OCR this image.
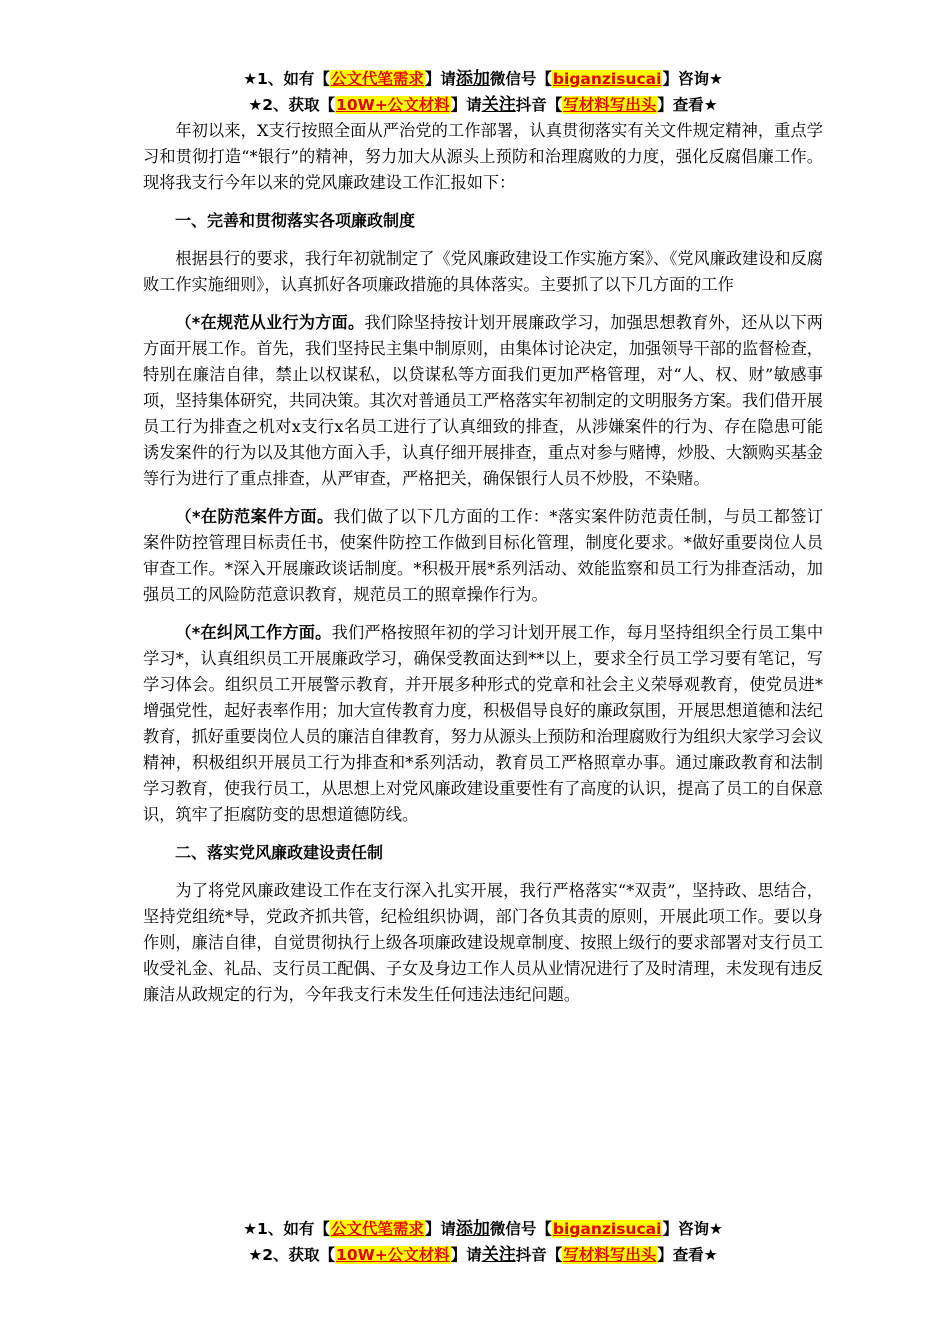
★1、如有【公文代笔需求】请添加微信号【biganzisucai】咨询★
★2、获取【10W+公文材料】请关注抖音【写材料写出头】查看★

年初以来，X支行按照全面从严治党的工作部署，认真贯彻落实有关文件规定精神，重点学习和贯彻打造“*银行”的精神，努力加大从源头上预防和治理腐败的力度，强化反腐倡廉工作。现将我支行今年以来的党风廉政建设工作汇报如下：

一、完善和贯彻落实各项廉政制度

根据县行的要求，我行年初就制定了《党风廉政建设工作实施方案》、《党风廉政建设和反腐败工作实施细则》，认真抓好各项廉政措施的具体落实。主要抓了以下几方面的工作

（*在规范从业行为方面。我们除坚持按计划开展廉政学习，加强思想教育外，还从以下两方面开展工作。首先，我们坚持民主集中制原则，由集体讨论决定，加强领导干部的监督检查，特别在廉洁自律，禁止以权谋私，以贷谋私等方面我们更加严格管理，对“人、权、财”敏感事项，坚持集体研究，共同决策。其次对普通员工严格落实年初制定的文明服务方案。我们借开展员工行为排查之机对x支行x名员工进行了认真细致的排查，从涉嫌案件的行为、存在隐患可能诱发案件的行为以及其他方面入手，认真仔细开展排查，重点对参与赌博，炒股、大额购买基金等行为进行了重点排查，从严审查，严格把关，确保银行人员不炒股，不染赌。

（*在防范案件方面。我们做了以下几方面的工作：*落实案件防范责任制，与员工都签订案件防控管理目标责任书，使案件防控工作做到目标化管理，制度化要求。*做好重要岗位人员审查工作。*深入开展廉政谈话制度。*积极开展*系列活动、效能监察和员工行为排查活动，加强员工的风险防范意识教育，规范员工的照章操作行为。

（*在纠风工作方面。我们严格按照年初的学习计划开展工作，每月坚持组织全行员工集中学习*，认真组织员工开展廉政学习，确保受教面达到**以上，要求全行员工学习要有笔记，写学习体会。组织员工开展警示教育，并开展多种形式的党章和社会主义荣辱观教育，使党员进*增强党性，起好表率作用；加大宣传教育力度，积极倡导良好的廉政氛围，开展思想道德和法纪教育，抓好重要岗位人员的廉洁自律教育，努力从源头上预防和治理腐败行为组织大家学习会议精神，积极组织开展员工行为排查和*系列活动，教育员工严格照章办事。通过廉政教育和法制学习教育，使我行员工，从思想上对党风廉政建设重要性有了高度的认识，提高了员工的自保意识，筑牢了拒腐防变的思想道德防线。

二、落实党风廉政建设责任制

为了将党风廉政建设工作在支行深入扎实开展，我行严格落实“*双责”，坚持政、思结合，坚持党组统*导，党政齐抓共管，纪检组织协调，部门各负其责的原则，开展此项工作。要以身作则，廉洁自律，自觉贯彻执行上级各项廉政建设规章制度、按照上级行的要求部署对支行员工收受礼金、礼品、支行员工配偶、子女及身边工作人员从业情况进行了及时清理，未发现有违反廉洁从政规定的行为，今年我支行未发生任何违法违纪问题。

★1、如有【公文代笔需求】请添加微信号【biganzisucai】咨询★
★2、获取【10W+公文材料】请关注抖音【写材料写出头】查看★
